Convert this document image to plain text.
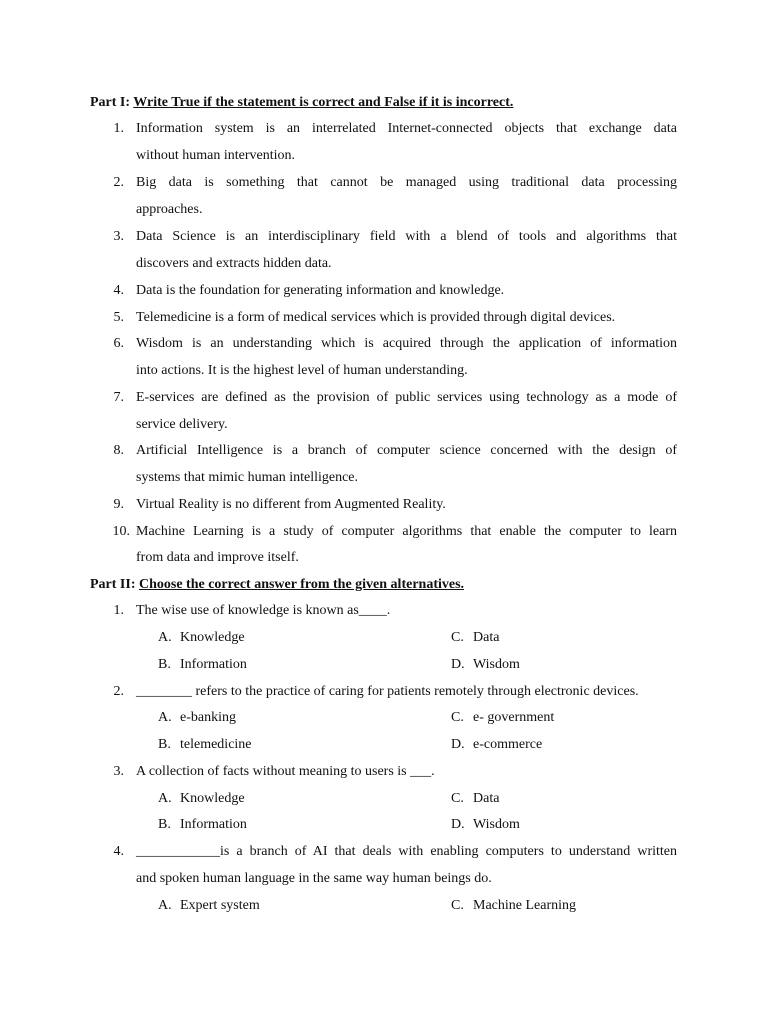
Part I: Write True if the statement is correct and False if it is incorrect.
1. Information system is an interrelated Internet-connected objects that exchange data
without human intervention.
2. Big data is something that cannot be managed using traditional data processing
approaches.
3. Data Science is an interdisciplinary field with a blend of tools and algorithms that
discovers and extracts hidden data.
4. Data is the foundation for generating information and knowledge.
5. Telemedicine is a form of medical services which is provided through digital devices.
6. Wisdom is an understanding which is acquired through the application of information
into actions. It is the highest level of human understanding.
7. E-services are defined as the provision of public services using technology as a mode of
service delivery.
8. Artificial Intelligence is a branch of computer science concerned with the design of
systems that mimic human intelligence.
9. Virtual Reality is no different from Augmented Reality.
10. Machine Learning is a study of computer algorithms that enable the computer to learn
from data and improve itself.
Part II: Choose the correct answer from the given alternatives.
1. The wise use of knowledge is known as____.
A. Knowledge	C. Data
B. Information	D. Wisdom
2. ________ refers to the practice of caring for patients remotely through electronic devices.
A. e-banking	C. e- government
B. telemedicine	D. e-commerce
3. A collection of facts without meaning to users is ___.
A. Knowledge	C. Data
B. Information	D. Wisdom
4. ____________is a branch of AI that deals with enabling computers to understand written
and spoken human language in the same way human beings do.
A. Expert system	C. Machine Learning
